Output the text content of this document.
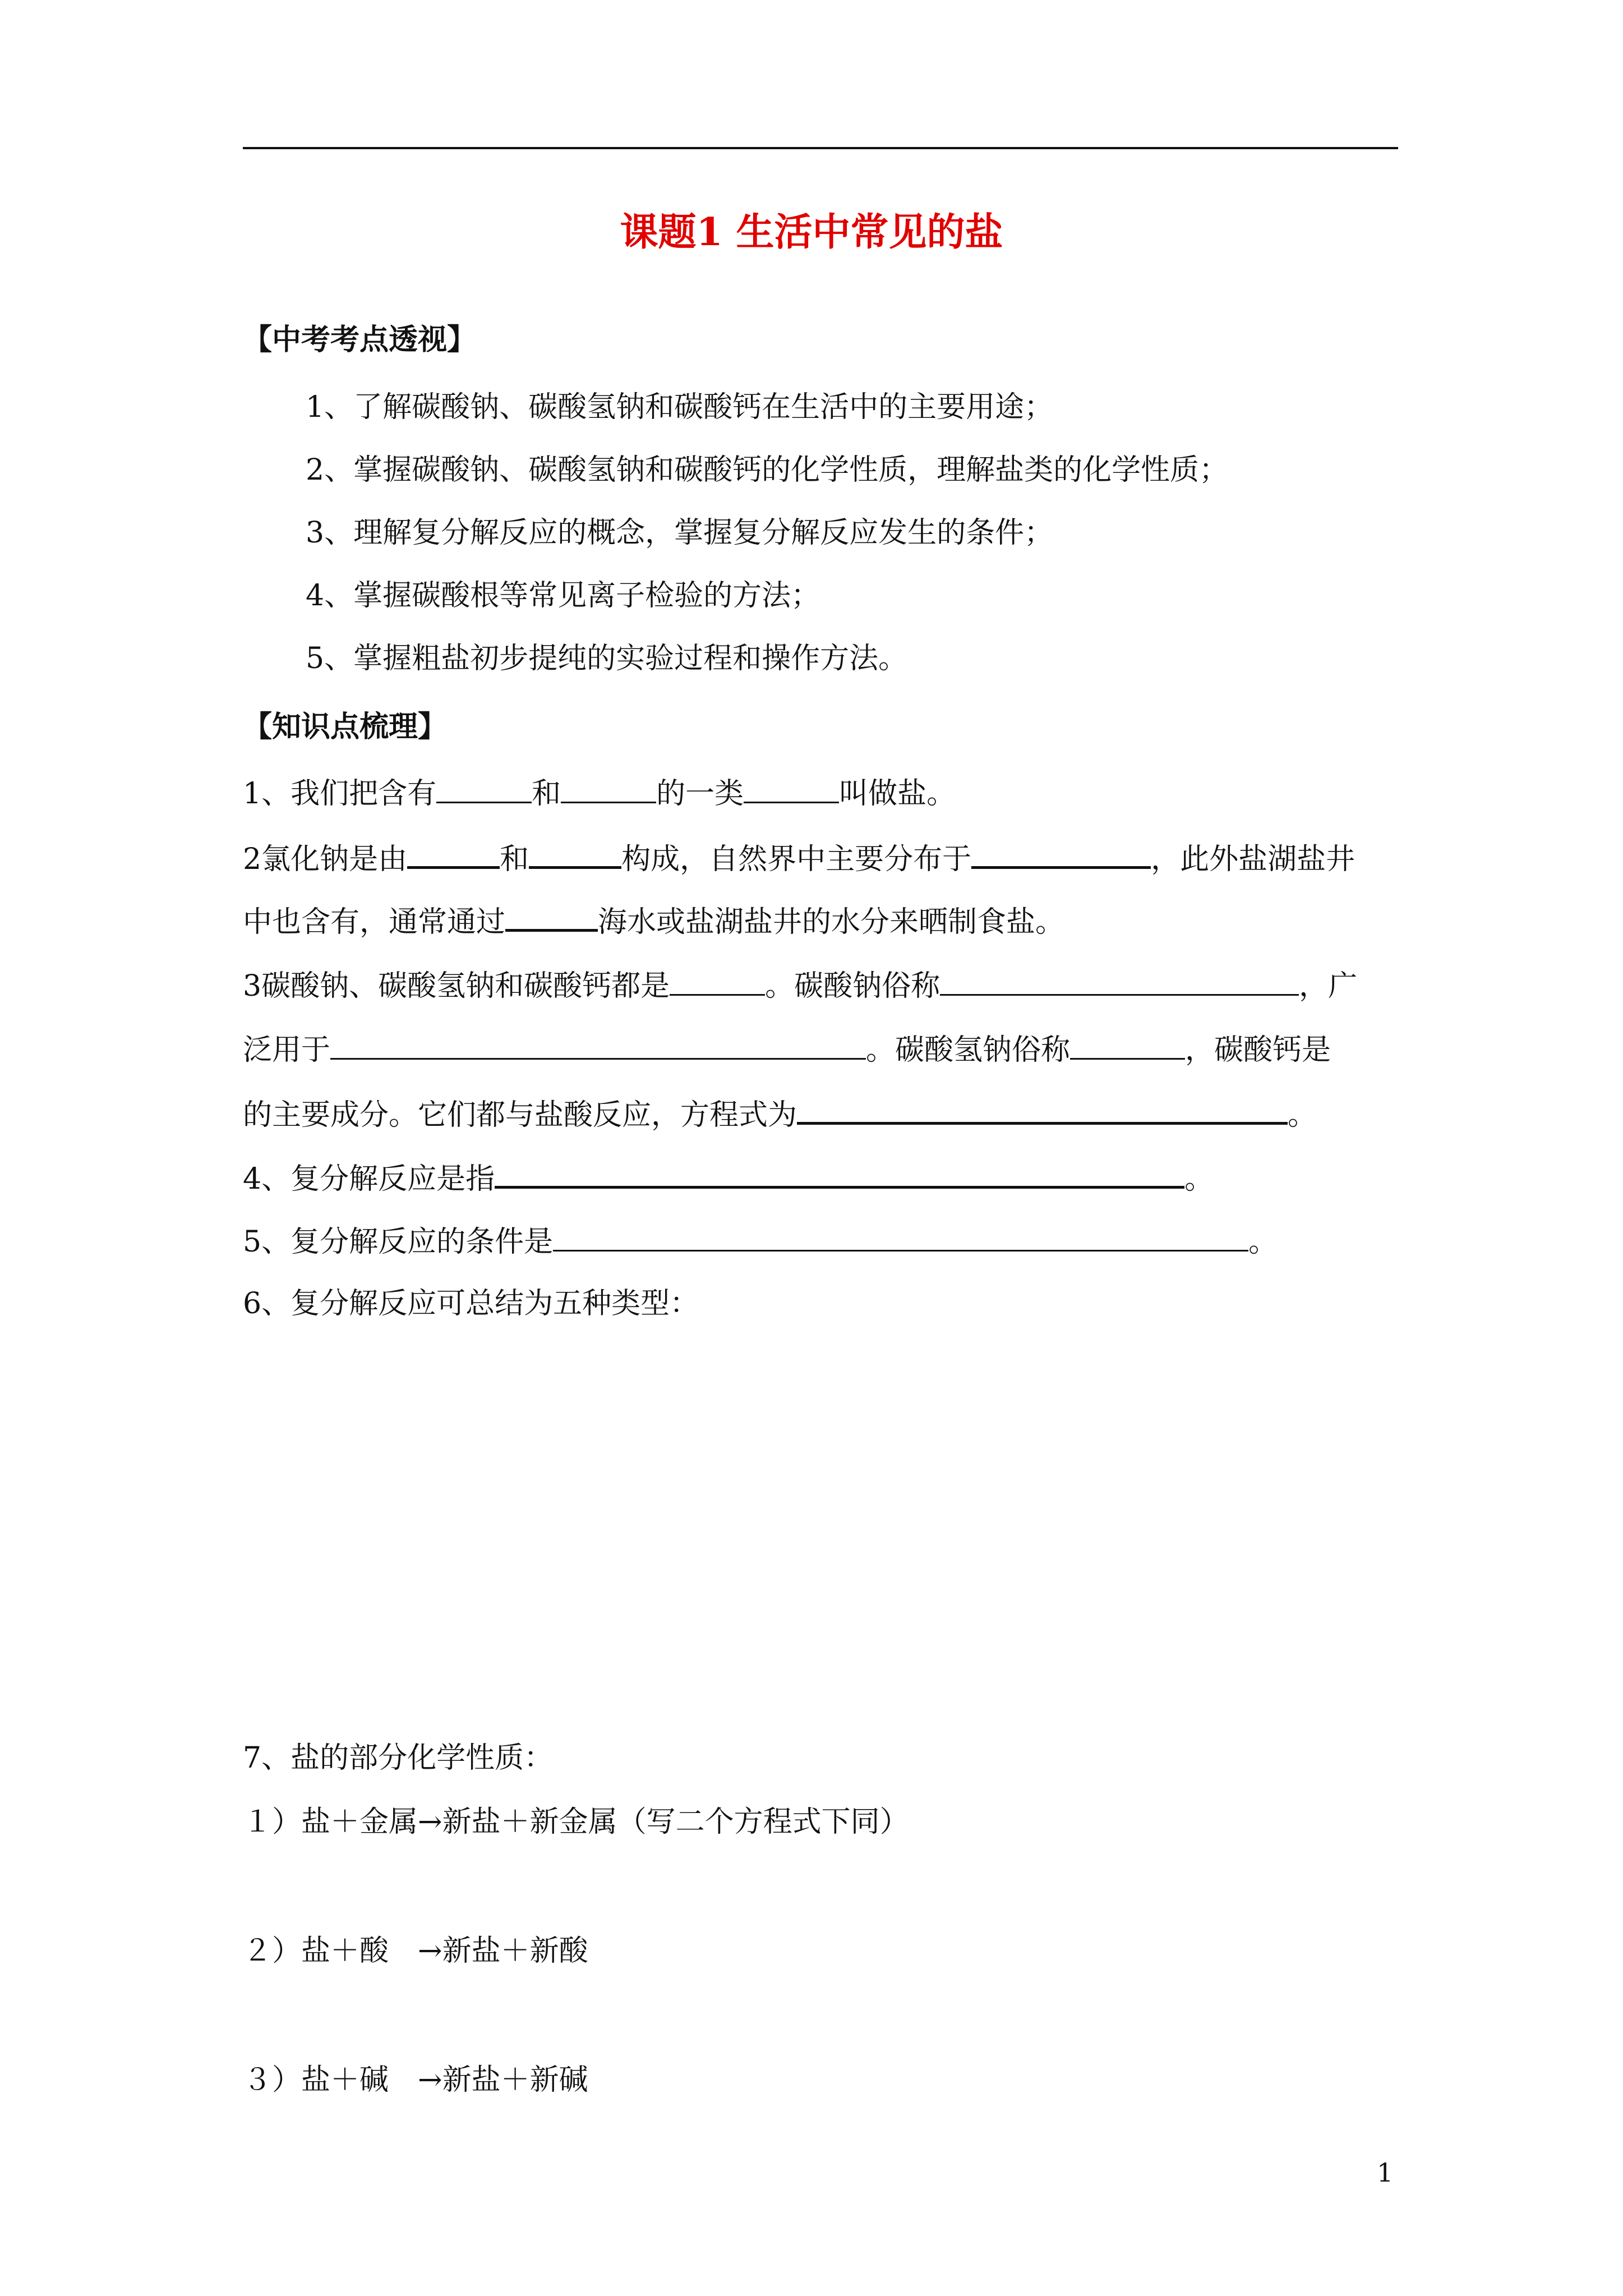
课题1 生活中常见的盐
【中考考点透视】
1、了解碳酸钠、碳酸氢钠和碳酸钙在生活中的主要用途；
2、掌握碳酸钠、碳酸氢钠和碳酸钙的化学性质，理解盐类的化学性质；
3、理解复分解反应的概念，掌握复分解反应发生的条件；
4、掌握碳酸根等常见离子检验的方法；
5、掌握粗盐初步提纯的实验过程和操作方法。
【知识点梳理】
1、我们把含有	和	的一类	叫做盐。
2氯化钠是由	和	构成，自然界中主要分布于	，此外盐湖盐井
中也含有，通常通过	海水或盐湖盐井的水分来晒制食盐。
3碳酸钠、碳酸氢钠和碳酸钙都是	。碳酸钠俗称	，广
泛用于	。碳酸氢钠俗称	，碳酸钙是
的主要成分。它们都与盐酸反应，方程式为	。
4、复分解反应是指	。
5、复分解反应的条件是	。
6、复分解反应可总结为五种类型：
7、盐的部分化学性质：
１）盐＋金属→新盐＋新金属（写二个方程式下同）
２）盐＋酸　→新盐＋新酸
３）盐＋碱　→新盐＋新碱
1
